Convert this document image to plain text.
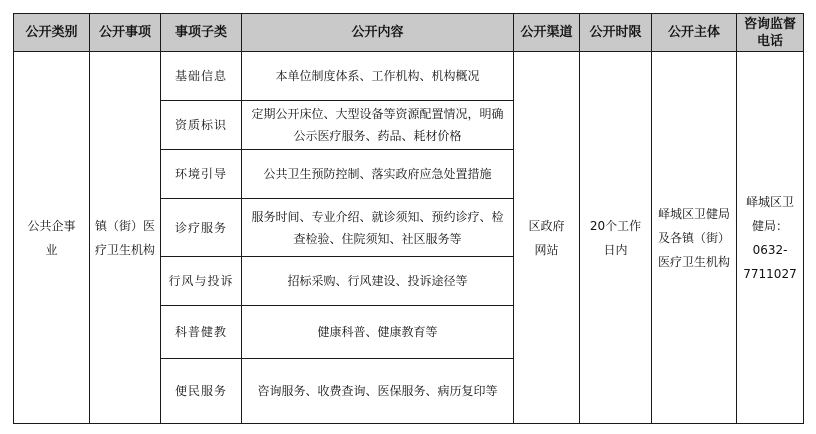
公开类别	公开事项	事项子类	公开内容	公开渠道	公开时限	公开主体	咨询监督电话
公共企事业	镇（街）医疗卫生机构	基础信息	本单位制度体系、工作机构、机构概况	区政府网站	20个工作日内	峄城区卫健局及各镇（街）医疗卫生机构	峄城区卫健局：0632-7711027
		资质标识	定期公开床位、大型设备等资源配置情况，明确公示医疗服务、药品、耗材价格				
		环境引导	公共卫生预防控制、落实政府应急处置措施				
		诊疗服务	服务时间、专业介绍、就诊须知、预约诊疗、检查检验、住院须知、社区服务等				
		行风与投诉	招标采购、行风建设、投诉途径等				
		科普健教	健康科普、健康教育等				
		便民服务	咨询服务、收费查询、医保服务、病历复印等				
